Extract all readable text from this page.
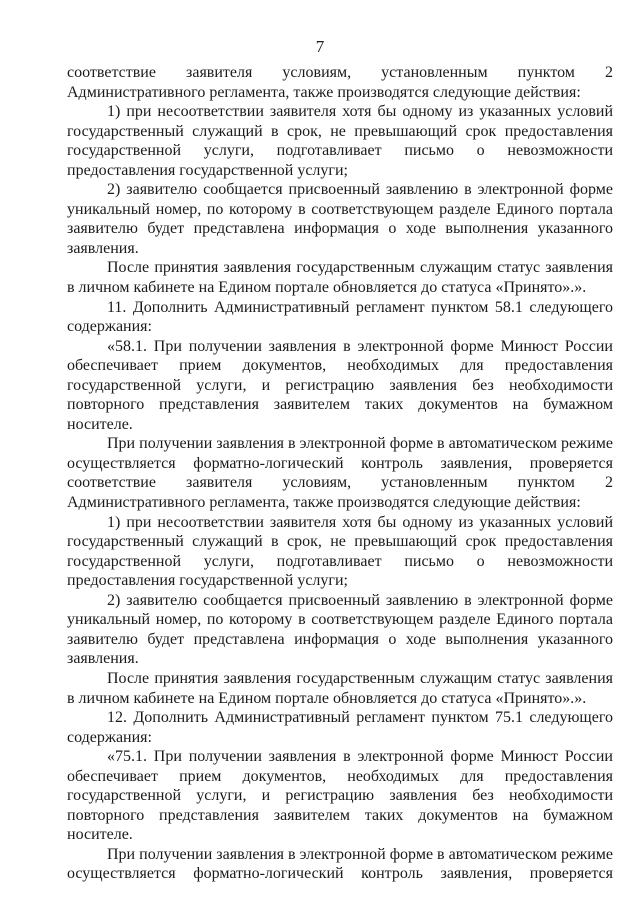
7

соответствие заявителя условиям, установленным пунктом 2 Административного регламента, также производятся следующие действия:

1) при несоответствии заявителя хотя бы одному из указанных условий государственный служащий в срок, не превышающий срок предоставления государственной услуги, подготавливает письмо о невозможности предоставления государственной услуги;

2) заявителю сообщается присвоенный заявлению в электронной форме уникальный номер, по которому в соответствующем разделе Единого портала заявителю будет представлена информация о ходе выполнения указанного заявления.

После принятия заявления государственным служащим статус заявления в личном кабинете на Едином портале обновляется до статуса «Принято».».

11. Дополнить Административный регламент пунктом 58.1 следующего содержания:

«58.1. При получении заявления в электронной форме Минюст России обеспечивает прием документов, необходимых для предоставления государственной услуги, и регистрацию заявления без необходимости повторного представления заявителем таких документов на бумажном носителе.

При получении заявления в электронной форме в автоматическом режиме осуществляется форматно-логический контроль заявления, проверяется соответствие заявителя условиям, установленным пунктом 2 Административного регламента, также производятся следующие действия:

1) при несоответствии заявителя хотя бы одному из указанных условий государственный служащий в срок, не превышающий срок предоставления государственной услуги, подготавливает письмо о невозможности предоставления государственной услуги;

2) заявителю сообщается присвоенный заявлению в электронной форме уникальный номер, по которому в соответствующем разделе Единого портала заявителю будет представлена информация о ходе выполнения указанного заявления.

После принятия заявления государственным служащим статус заявления в личном кабинете на Едином портале обновляется до статуса «Принято».».

12. Дополнить Административный регламент пунктом 75.1 следующего содержания:

«75.1. При получении заявления в электронной форме Минюст России обеспечивает прием документов, необходимых для предоставления государственной услуги, и регистрацию заявления без необходимости повторного представления заявителем таких документов на бумажном носителе.

При получении заявления в электронной форме в автоматическом режиме осуществляется форматно-логический контроль заявления, проверяется
